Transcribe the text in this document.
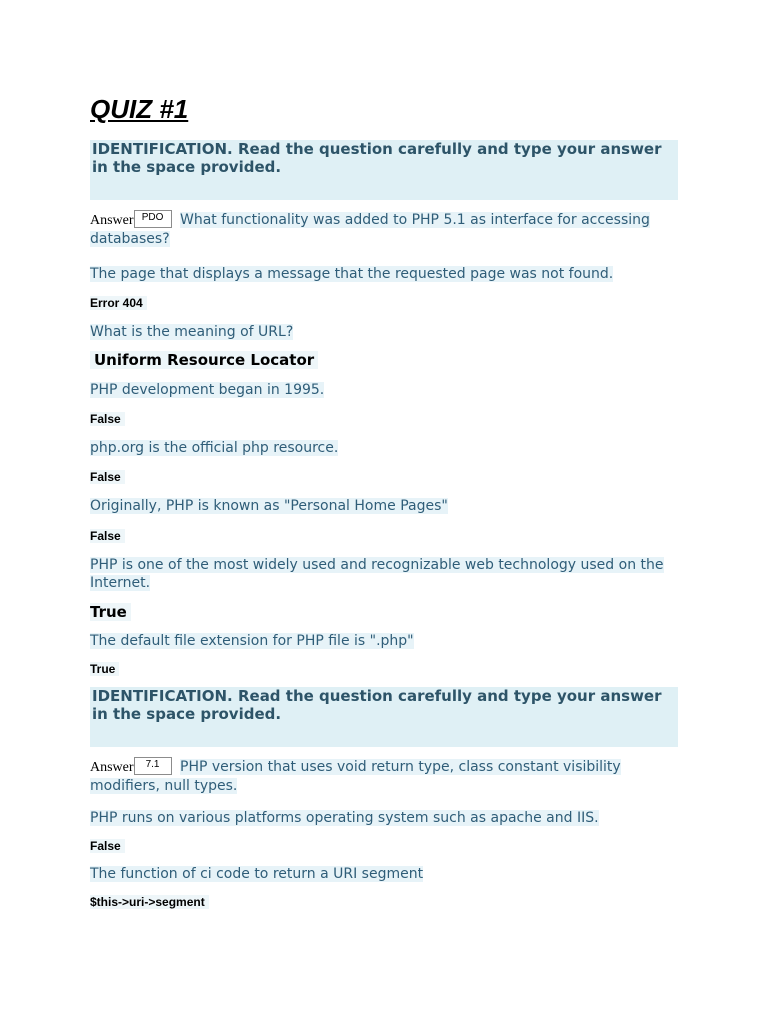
QUIZ #1
IDENTIFICATION. Read the question carefully and type your answer in the space provided.
Answer PDO What functionality was added to PHP 5.1 as interface for accessing databases?
The page that displays a message that the requested page was not found.
Error 404
What is the meaning of URL?
Uniform Resource Locator
PHP development began in 1995.
False
php.org is the official php resource.
False
Originally, PHP is known as "Personal Home Pages"
False
PHP is one of the most widely used and recognizable web technology used on the Internet.
True
The default file extension for PHP file is ".php"
True
IDENTIFICATION. Read the question carefully and type your answer in the space provided.
Answer 7.1 PHP version that uses void return type, class constant visibility modifiers, null types.
PHP runs on various platforms operating system such as apache and IIS.
False
The function of ci code to return a URI segment
$this->uri->segment
